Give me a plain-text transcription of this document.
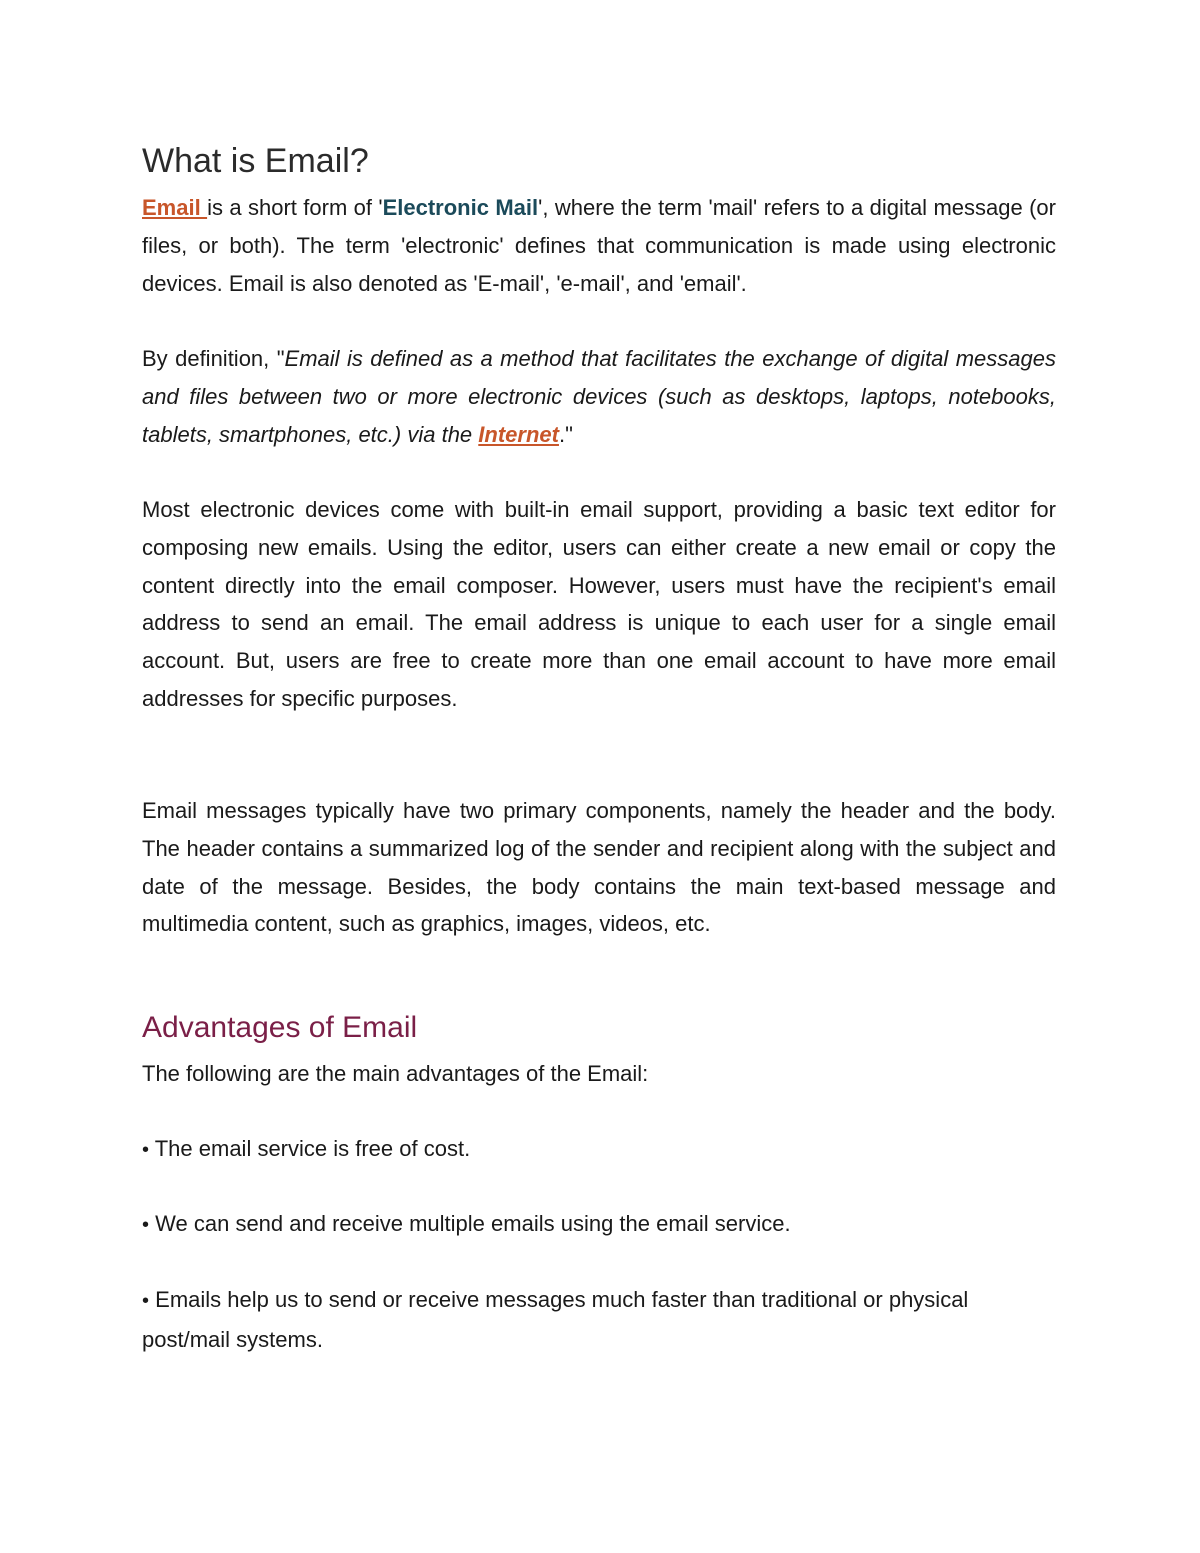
What is Email?

Email is a short form of 'Electronic Mail', where the term 'mail' refers to a digital message (or files, or both). The term 'electronic' defines that communication is made using electronic devices. Email is also denoted as 'E-mail', 'e-mail', and 'email'.

By definition, "Email is defined as a method that facilitates the exchange of digital messages and files between two or more electronic devices (such as desktops, laptops, notebooks, tablets, smartphones, etc.) via the Internet."

Most electronic devices come with built-in email support, providing a basic text editor for composing new emails. Using the editor, users can either create a new email or copy the content directly into the email composer. However, users must have the recipient's email address to send an email. The email address is unique to each user for a single email account. But, users are free to create more than one email account to have more email addresses for specific purposes.

Email messages typically have two primary components, namely the header and the body. The header contains a summarized log of the sender and recipient along with the subject and date of the message. Besides, the body contains the main text-based message and multimedia content, such as graphics, images, videos, etc.

Advantages of Email

The following are the main advantages of the Email:

• The email service is free of cost.

• We can send and receive multiple emails using the email service.

• Emails help us to send or receive messages much faster than traditional or physical post/mail systems.
